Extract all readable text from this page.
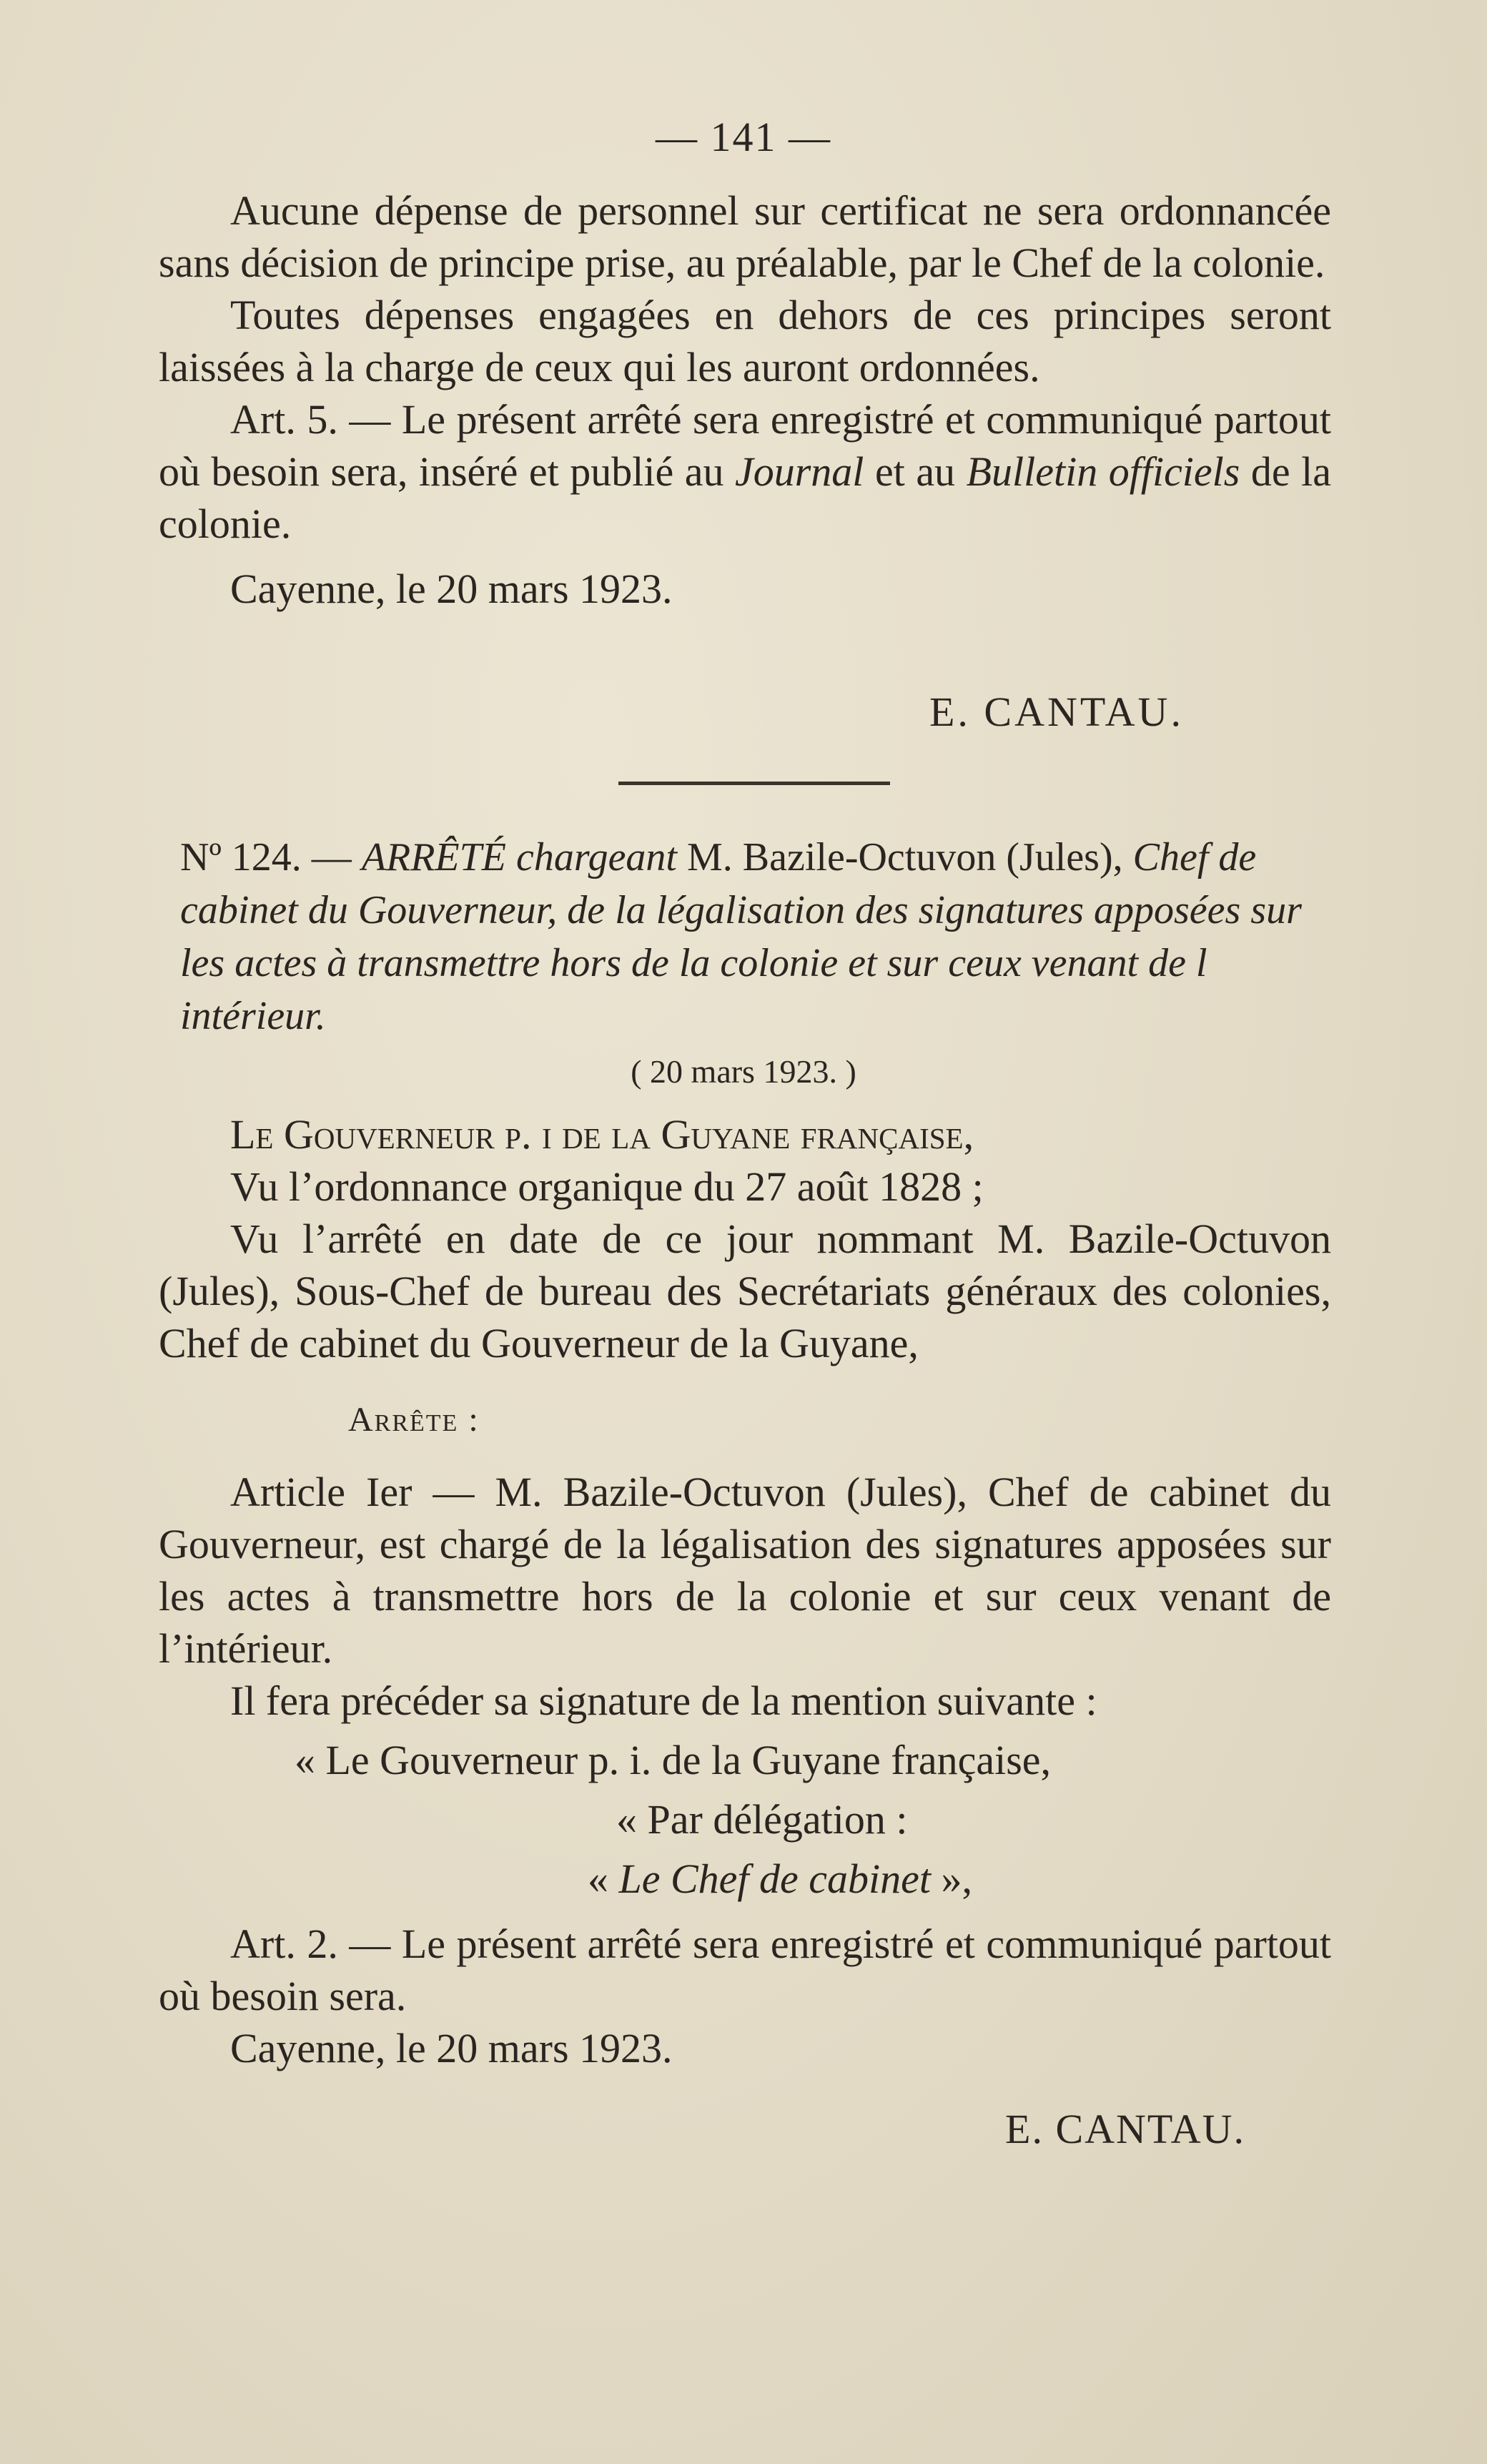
— 141 —

Aucune dépense de personnel sur certificat ne sera ordonnancée sans décision de principe prise, au préalable, par le Chef de la colonie.

Toutes dépenses engagées en dehors de ces principes seront laissées à la charge de ceux qui les auront ordonnées.

Art. 5. — Le présent arrêté sera enregistré et communiqué partout où besoin sera, inséré et publié au Journal et au Bulletin officiels de la colonie.

Cayenne, le 20 mars 1923.

E. CANTAU.

Nº 124. — ARRÊTÉ chargeant M. Bazile-Octuvon (Jules), Chef de cabinet du Gouverneur, de la légalisation des signatures apposées sur les actes à transmettre hors de la colonie et sur ceux venant de l intérieur.

( 20 mars 1923. )

Le Gouverneur p. i de la Guyane française,

Vu l’ordonnance organique du 27 août 1828 ;

Vu l’arrêté en date de ce jour nommant M. Bazile-Octuvon (Jules), Sous-Chef de bureau des Secrétariats généraux des colonies, Chef de cabinet du Gouverneur de la Guyane,

Arrête :

Article Ier — M. Bazile-Octuvon (Jules), Chef de cabinet du Gouverneur, est chargé de la légalisation des signatures apposées sur les actes à transmettre hors de la colonie et sur ceux venant de l’intérieur.

Il fera précéder sa signature de la mention suivante :

« Le Gouverneur p. i. de la Guyane française,

« Par délégation :

« Le Chef de cabinet »,

Art. 2. — Le présent arrêté sera enregistré et communiqué partout où besoin sera.

Cayenne, le 20 mars 1923.

E. CANTAU.
